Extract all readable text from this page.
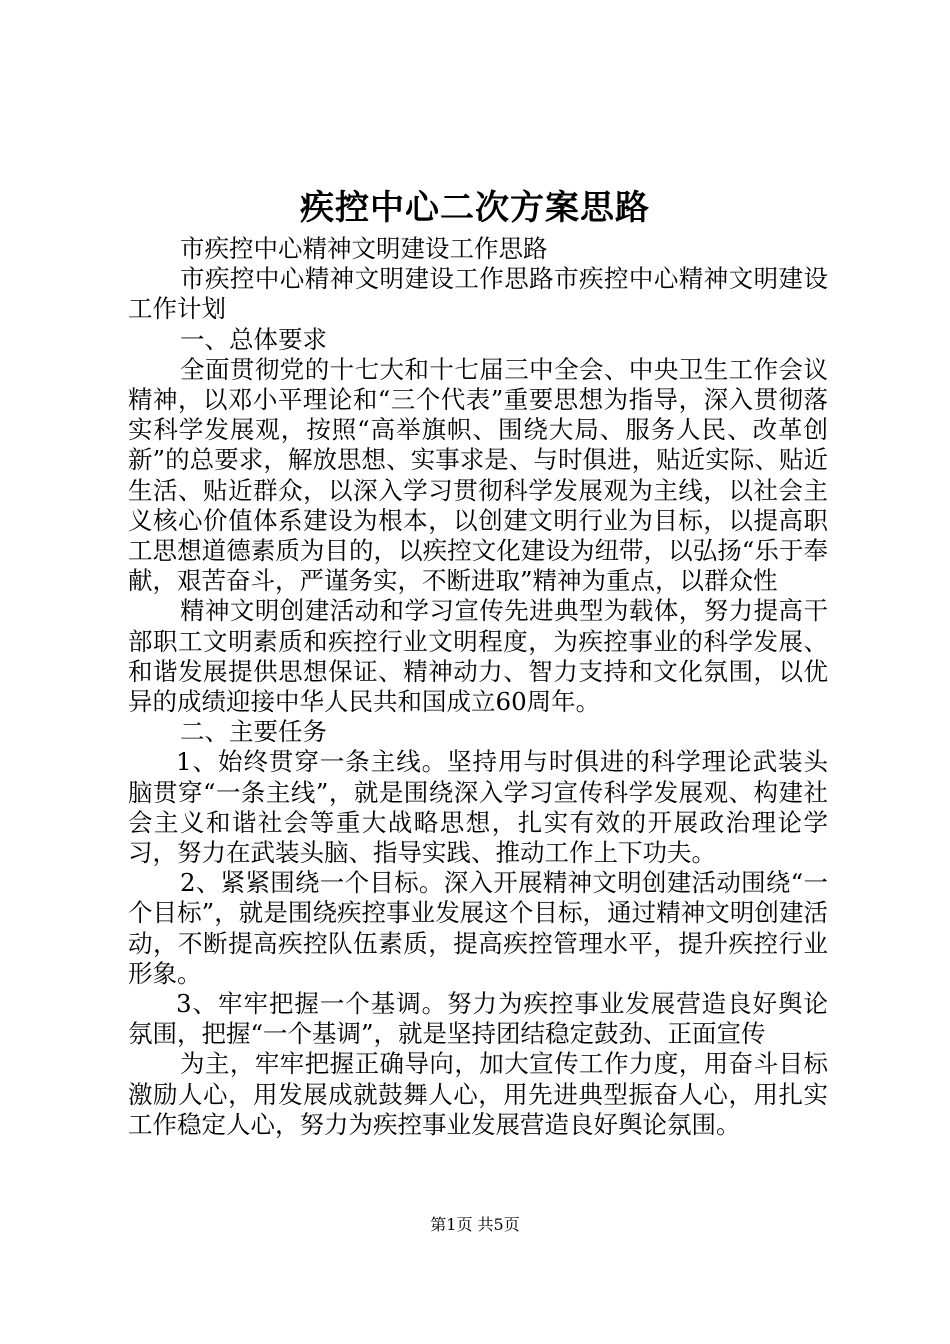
疾控中心二次方案思路

市疾控中心精神文明建设工作思路

市疾控中心精神文明建设工作思路市疾控中心精神文明建设工作计划

一、总体要求

全面贯彻党的十七大和十七届三中全会、中央卫生工作会议精神，以邓小平理论和“三个代表”重要思想为指导，深入贯彻落实科学发展观，按照“高举旗帜、围绕大局、服务人民、改革创新”的总要求，解放思想、实事求是、与时俱进，贴近实际、贴近生活、贴近群众，以深入学习贯彻科学发展观为主线，以社会主义核心价值体系建设为根本，以创建文明行业为目标，以提高职工思想道德素质为目的，以疾控文化建设为纽带，以弘扬“乐于奉献，艰苦奋斗，严谨务实，不断进取”精神为重点，以群众性

精神文明创建活动和学习宣传先进典型为载体，努力提高干部职工文明素质和疾控行业文明程度，为疾控事业的科学发展、和谐发展提供思想保证、精神动力、智力支持和文化氛围，以优异的成绩迎接中华人民共和国成立60周年。

二、主要任务

1、始终贯穿一条主线。坚持用与时俱进的科学理论武装头脑贯穿“一条主线”，就是围绕深入学习宣传科学发展观、构建社会主义和谐社会等重大战略思想，扎实有效的开展政治理论学习，努力在武装头脑、指导实践、推动工作上下功夫。

2、紧紧围绕一个目标。深入开展精神文明创建活动围绕“一个目标”，就是围绕疾控事业发展这个目标，通过精神文明创建活动，不断提高疾控队伍素质，提高疾控管理水平，提升疾控行业形象。

3、牢牢把握一个基调。努力为疾控事业发展营造良好舆论氛围，把握“一个基调”，就是坚持团结稳定鼓劲、正面宣传

为主，牢牢把握正确导向，加大宣传工作力度，用奋斗目标激励人心，用发展成就鼓舞人心，用先进典型振奋人心，用扎实工作稳定人心，努力为疾控事业发展营造良好舆论氛围。

第1页 共5页
